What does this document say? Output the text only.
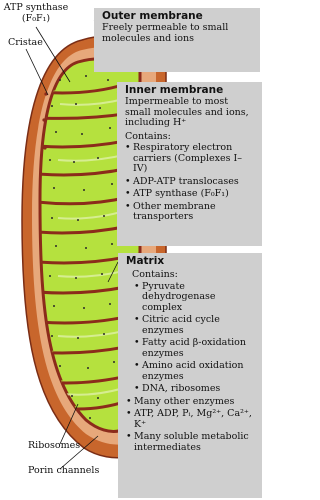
ATP synthase
(F₀F₁)
Cristae
Ribosomes
Porin channels

Outer membrane

Freely permeable to small molecules and ions

Inner membrane

Impermeable to most small molecules and ions, including H⁺

Contains:

• Respiratory electron carriers (Complexes I–IV)
• ADP-ATP translocases
• ATP synthase (F₀F₁)
• Other membrane transporters

Matrix

Contains:

• Pyruvate dehydrogenase complex
• Citric acid cycle enzymes
• Fatty acid β-oxidation enzymes
• Amino acid oxidation enzymes
• DNA, ribosomes
• Many other enzymes
• ATP, ADP, Pᵢ, Mg²⁺, Ca²⁺, K⁺
• Many soluble metabolic intermediates
